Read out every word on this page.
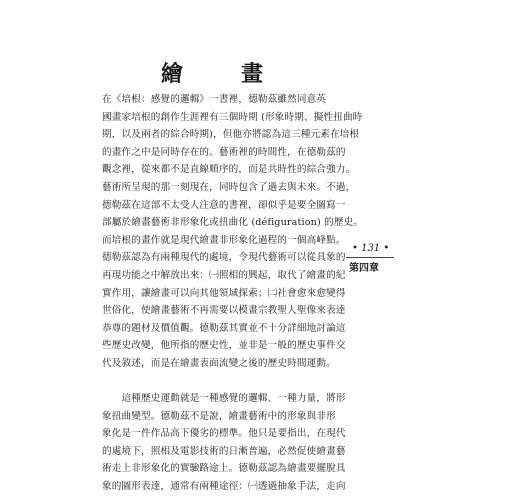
繪　畫

在《培根：感覺的邏輯》一書裡，德勒茲雖然同意英

國畫家培根的創作生涯裡有三個時期 (形象時期、擬性扭曲時

期，以及兩者的綜合時期)，但他亦將認為這三種元素在培根

的畫作之中是同時存在的。藝術裡的時間性，在德勒茲的

觀念裡，從來都不是直線順序的，而是共時性的綜合強力。

藝術所呈現的那一刻現在，同時包含了過去與未來。不過，

德勒茲在這部不太受人注意的書裡，卻似乎是要全圖寫一

部屬於繪畫藝術非形象化或扭曲化 (défiguration) 的歷史。

而培根的畫作就是現代繪畫非形象化過程的一個高峰點。

德勒茲認為有兩種現代的處境，令現代藝術可以從具象的

再現功能之中解放出來：㈠照相的興起，取代了繪畫的紀

實作用，讓繪畫可以向其他領域探索；㈡社會愈來愈變得

世俗化，使繪畫藝術不再需要以模畫宗教聖人聖像來表達

恭尊的題材及價值觀。德勒茲其實並不十分詳細地討論這

些歷史改變，他所指的歷史性，並非是一般的歷史事件交

代及敘述，而是在繪畫表面流變之後的歷史時間運動。

　　這種歷史運動就是一種感覺的邏輯、一種力量，將形

象扭曲變型。德勒茲不是說，繪畫藝術中的形象與非形

象化是一件作品高下優劣的標準。他只是要指出，在現代

的處境下，照相及電影技術的日漸普遍，必然促使繪畫藝

術走上非形象化的實驗路途上。德勒茲認為繪畫要擺脫具

象的圖形表達，通常有兩種途徑：㈠透過抽象手法，走向

• 131 •
第四章
